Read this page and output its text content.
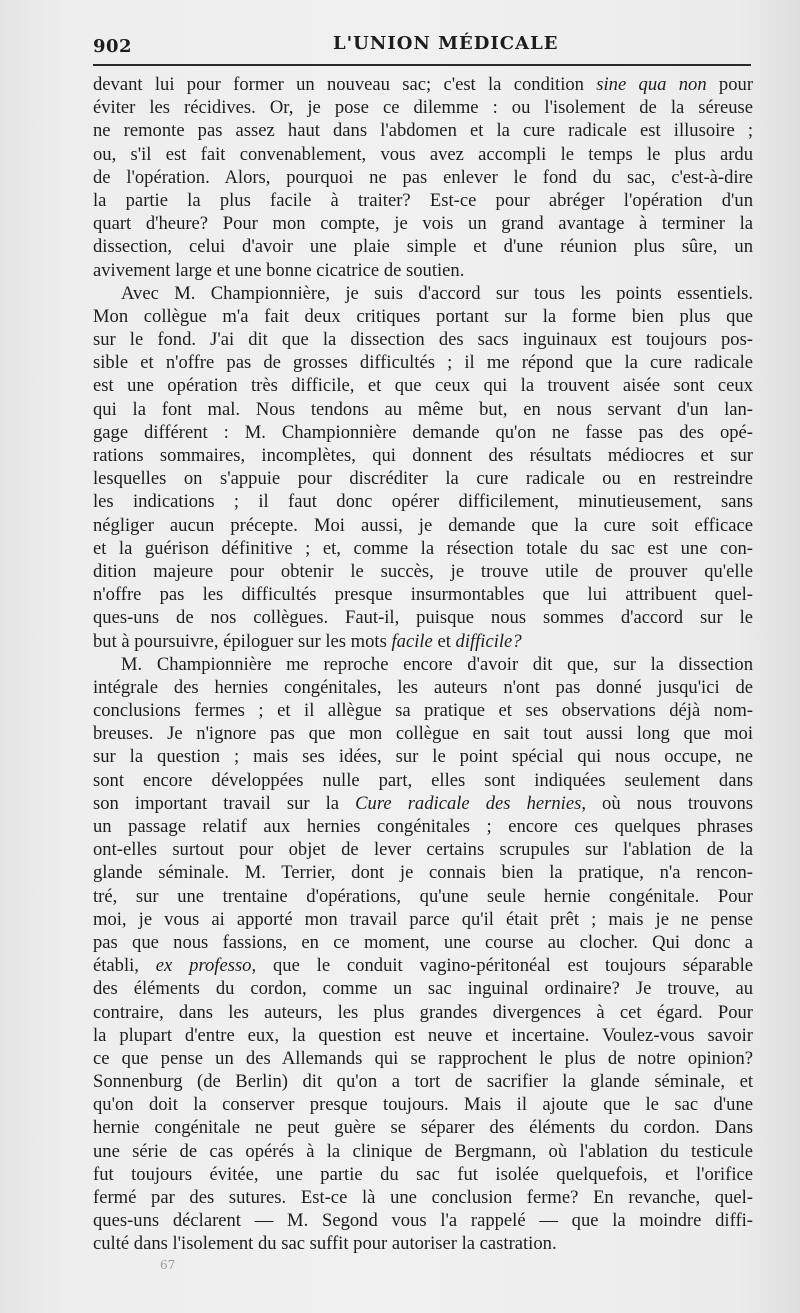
902	L'UNION MÉDICALE
devant lui pour former un nouveau sac; c'est la condition sine qua non pour
éviter les récidives. Or, je pose ce dilemme : ou l'isolement de la séreuse
ne remonte pas assez haut dans l'abdomen et la cure radicale est illusoire ;
ou, s'il est fait convenablement, vous avez accompli le temps le plus ardu
de l'opération. Alors, pourquoi ne pas enlever le fond du sac, c'est-à-dire
la partie la plus facile à traiter? Est-ce pour abréger l'opération d'un
quart d'heure? Pour mon compte, je vois un grand avantage à terminer la
dissection, celui d'avoir une plaie simple et d'une réunion plus sûre, un
avivement large et une bonne cicatrice de soutien.
Avec M. Championnière, je suis d'accord sur tous les points essentiels.
Mon collègue m'a fait deux critiques portant sur la forme bien plus que
sur le fond. J'ai dit que la dissection des sacs inguinaux est toujours pos-
sible et n'offre pas de grosses difficultés ; il me répond que la cure radicale
est une opération très difficile, et que ceux qui la trouvent aisée sont ceux
qui la font mal. Nous tendons au même but, en nous servant d'un lan-
gage différent : M. Championnière demande qu'on ne fasse pas des opé-
rations sommaires, incomplètes, qui donnent des résultats médiocres et sur
lesquelles on s'appuie pour discréditer la cure radicale ou en restreindre
les indications ; il faut donc opérer difficilement, minutieusement, sans
négliger aucun précepte. Moi aussi, je demande que la cure soit efficace
et la guérison définitive ; et, comme la résection totale du sac est une con-
dition majeure pour obtenir le succès, je trouve utile de prouver qu'elle
n'offre pas les difficultés presque insurmontables que lui attribuent quel-
ques-uns de nos collègues. Faut-il, puisque nous sommes d'accord sur le
but à poursuivre, épiloguer sur les mots facile et difficile?
M. Championnière me reproche encore d'avoir dit que, sur la dissection
intégrale des hernies congénitales, les auteurs n'ont pas donné jusqu'ici de
conclusions fermes ; et il allègue sa pratique et ses observations déjà nom-
breuses. Je n'ignore pas que mon collègue en sait tout aussi long que moi
sur la question ; mais ses idées, sur le point spécial qui nous occupe, ne
sont encore développées nulle part, elles sont indiquées seulement dans
son important travail sur la Cure radicale des hernies, où nous trouvons
un passage relatif aux hernies congénitales ; encore ces quelques phrases
ont-elles surtout pour objet de lever certains scrupules sur l'ablation de la
glande séminale. M. Terrier, dont je connais bien la pratique, n'a rencon-
tré, sur une trentaine d'opérations, qu'une seule hernie congénitale. Pour
moi, je vous ai apporté mon travail parce qu'il était prêt ; mais je ne pense
pas que nous fassions, en ce moment, une course au clocher. Qui donc a
établi, ex professo, que le conduit vagino-péritonéal est toujours séparable
des éléments du cordon, comme un sac inguinal ordinaire? Je trouve, au
contraire, dans les auteurs, les plus grandes divergences à cet égard. Pour
la plupart d'entre eux, la question est neuve et incertaine. Voulez-vous savoir
ce que pense un des Allemands qui se rapprochent le plus de notre opinion?
Sonnenburg (de Berlin) dit qu'on a tort de sacrifier la glande séminale, et
qu'on doit la conserver presque toujours. Mais il ajoute que le sac d'une
hernie congénitale ne peut guère se séparer des éléments du cordon. Dans
une série de cas opérés à la clinique de Bergmann, où l'ablation du testicule
fut toujours évitée, une partie du sac fut isolée quelquefois, et l'orifice
fermé par des sutures. Est-ce là une conclusion ferme? En revanche, quel-
ques-uns déclarent — M. Segond vous l'a rappelé — que la moindre diffi-
culté dans l'isolement du sac suffit pour autoriser la castration.
67
